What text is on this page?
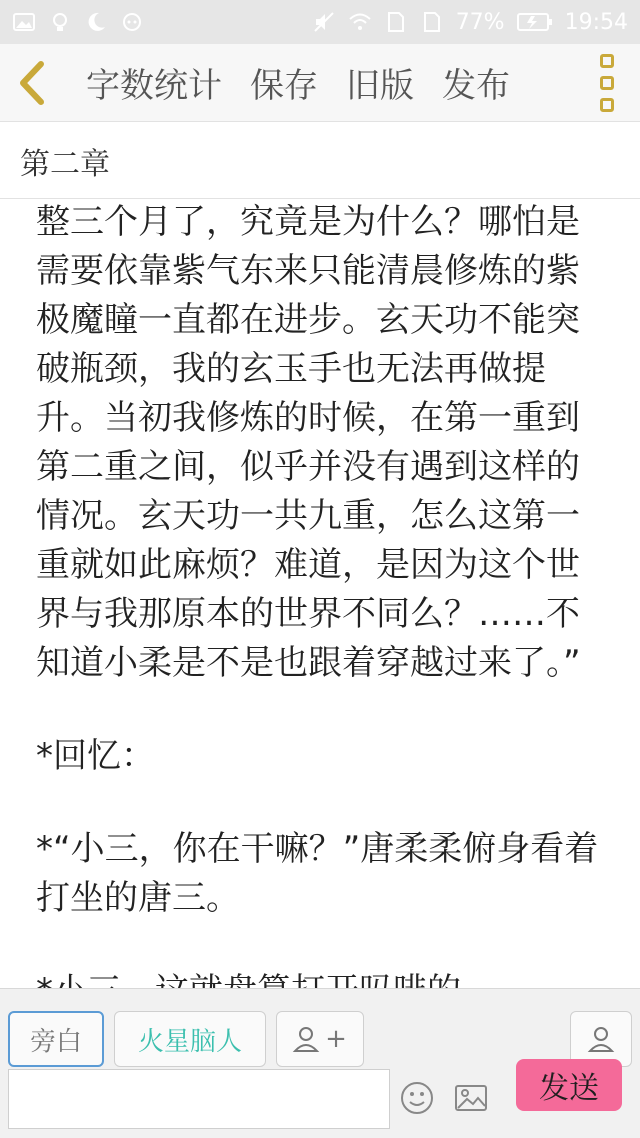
77%	19:54
字数统计 保存 旧版 发布
第二章

整三个月了，究竟是为什么？哪怕是需要依靠紫气东来只能清晨修炼的紫极魔瞳一直都在进步。玄天功不能突破瓶颈，我的玄玉手也无法再做提升。当初我修炼的时候，在第一重到第二重之间，似乎并没有遇到这样的情况。玄天功一共九重，怎么这第一重就如此麻烦？难道，是因为这个世界与我那原本的世界不同么？……不知道小柔是不是也跟着穿越过来了。”

*回忆：

*“小三，你在干嘛？”唐柔柔俯身看着打坐的唐三。

旁白	火星脑人	+
发送
